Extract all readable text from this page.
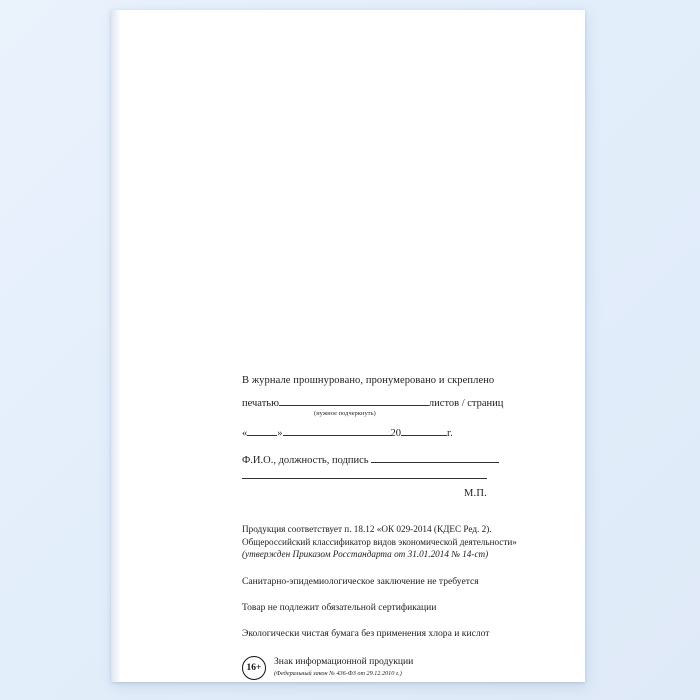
В журнале прошнуровано, пронумеровано и скреплено
печатью	листов / страниц
(нужное подчеркнуть)
«	»	20	г.
Ф.И.О., должность, подпись
М.П.
Продукция соответствует п. 18.12 «ОК 029-2014 (КДЕС Ред. 2).
Общероссийский классификатор видов экономической деятельности»
(утвержден Приказом Росстандарта от 31.01.2014 № 14-ст)
Санитарно-эпидемиологическое заключение не требуется
Товар не подлежит обязательной сертификации
Экологически чистая бумага без применения хлора и кислот
16+
Знак информационной продукции
(Федеральный закон № 436-ФЗ от 29.12.2010 г.)
